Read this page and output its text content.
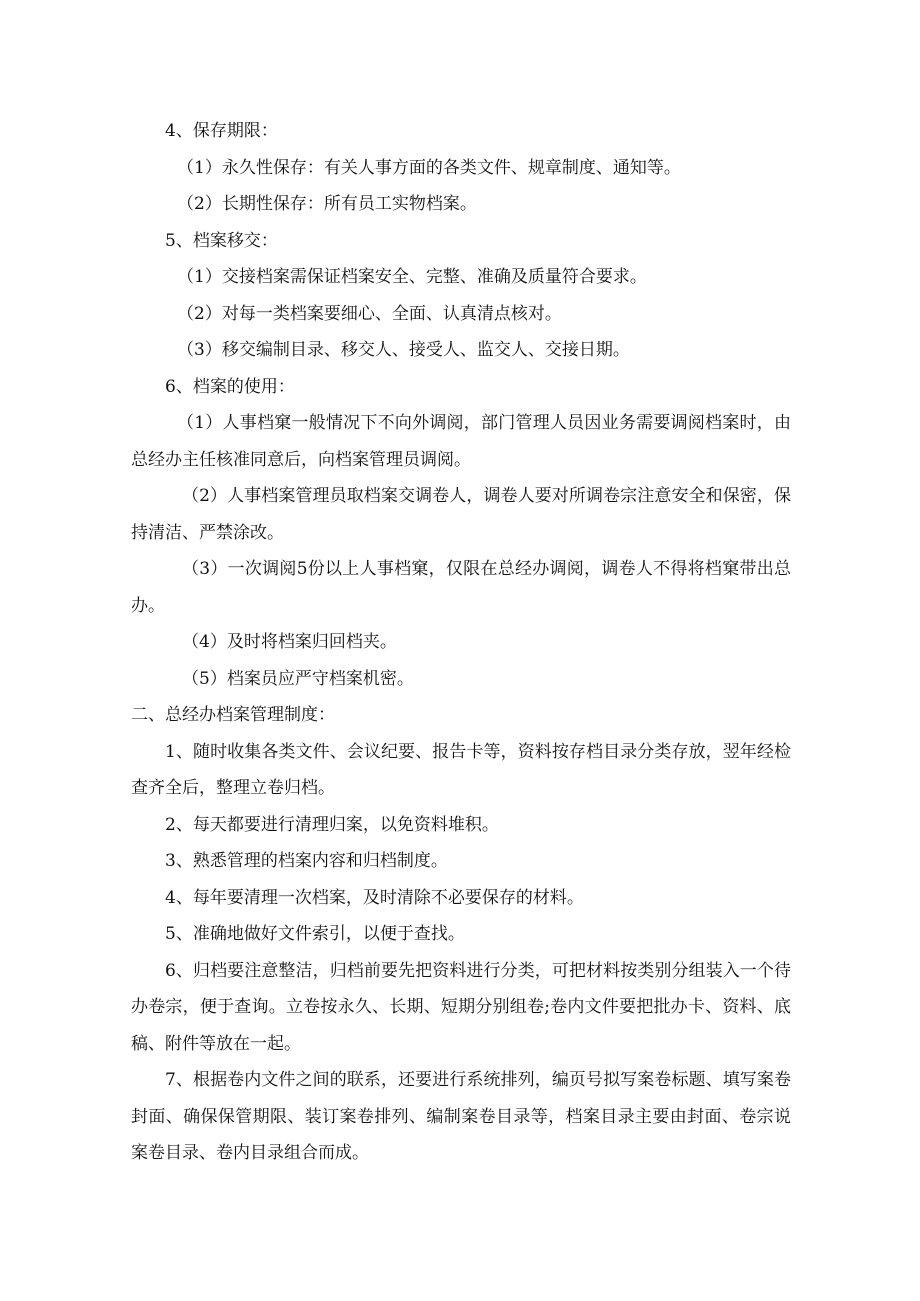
4、保存期限：
（1）永久性保存：有关人事方面的各类文件、规章制度、通知等。
（2）长期性保存：所有员工实物档案。
5、档案移交：
（1）交接档案需保证档案安全、完整、准确及质量符合要求。
（2）对每一类档案要细心、全面、认真清点核对。
（3）移交编制目录、移交人、接受人、监交人、交接日期。
6、档案的使用：
（1）人事档窠一般情况下不向外调阅，部门管理人员因业务需要调阅档案时，由
总经办主任核准同意后，向档案管理员调阅。
（2）人事档案管理员取档案交调卷人，调卷人要对所调卷宗注意安全和保密，保
持清洁、严禁涂改。
（3）一次调阅5份以上人事档窠，仅限在总经办调阅，调卷人不得将档窠带出总
办。
（4）及时将档案归回档夹。
（5）档案员应严守档案机密。
二、总经办档案管理制度：
1、随时收集各类文件、会议纪要、报告卡等，资料按存档目录分类存放，翌年经检
查齐全后，整理立卷归档。
2、每天都要进行清理归案，以免资料堆积。
3、熟悉管理的档案内容和归档制度。
4、每年要清理一次档案，及时清除不必要保存的材料。
5、准确地做好文件索引，以便于查找。
6、归档要注意整洁，归档前要先把资料进行分类，可把材料按类别分组装入一个待
办卷宗，便于查询。立卷按永久、长期、短期分别组卷;卷内文件要把批办卡、资料、底
稿、附件等放在一起。
7、根据卷内文件之间的联系，还要进行系统排列，编页号拟写案卷标题、填写案卷
封面、确保保管期限、装订案卷排列、编制案卷目录等，档案目录主要由封面、卷宗说
案卷目录、卷内目录组合而成。
